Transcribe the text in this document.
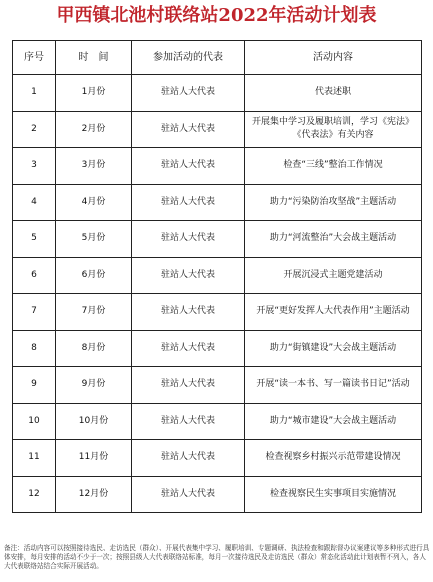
甲西镇北池村联络站2022年活动计划表
序号	时　间	参加活动的代表	活动内容
1	1月份	驻站人大代表	代表述职
2	2月份	驻站人大代表	开展集中学习及履职培训，学习《宪法》《代表法》有关内容
3	3月份	驻站人大代表	检查“三线”整治工作情况
4	4月份	驻站人大代表	助力“污染防治攻坚战”主题活动
5	5月份	驻站人大代表	助力“河流整治”大会战主题活动
6	6月份	驻站人大代表	开展沉浸式主题党建活动
7	7月份	驻站人大代表	开展“更好发挥人大代表作用”主题活动
8	8月份	驻站人大代表	助力“街镇建设”大会战主题活动
9	9月份	驻站人大代表	开展“读一本书、写一篇读书日记”活动
10	10月份	驻站人大代表	助力“城市建设”大会战主题活动
11	11月份	驻站人大代表	检查视察乡村振兴示范带建设情况
12	12月份	驻站人大代表	检查视察民生实事项目实施情况
备注：活动内容可以按照接待选民、走访选民（群众）、开展代表集中学习、履职培训、专题调研、执法检查和跟踪督办议案建议等多种形式进行具体安排，每月安排的活动不少于一次；按照县级人大代表联络站标准，每月一次接待选民及走访选民（群众）常态化活动此计划表暂不列入，各人大代表联络站结合实际开展活动。
